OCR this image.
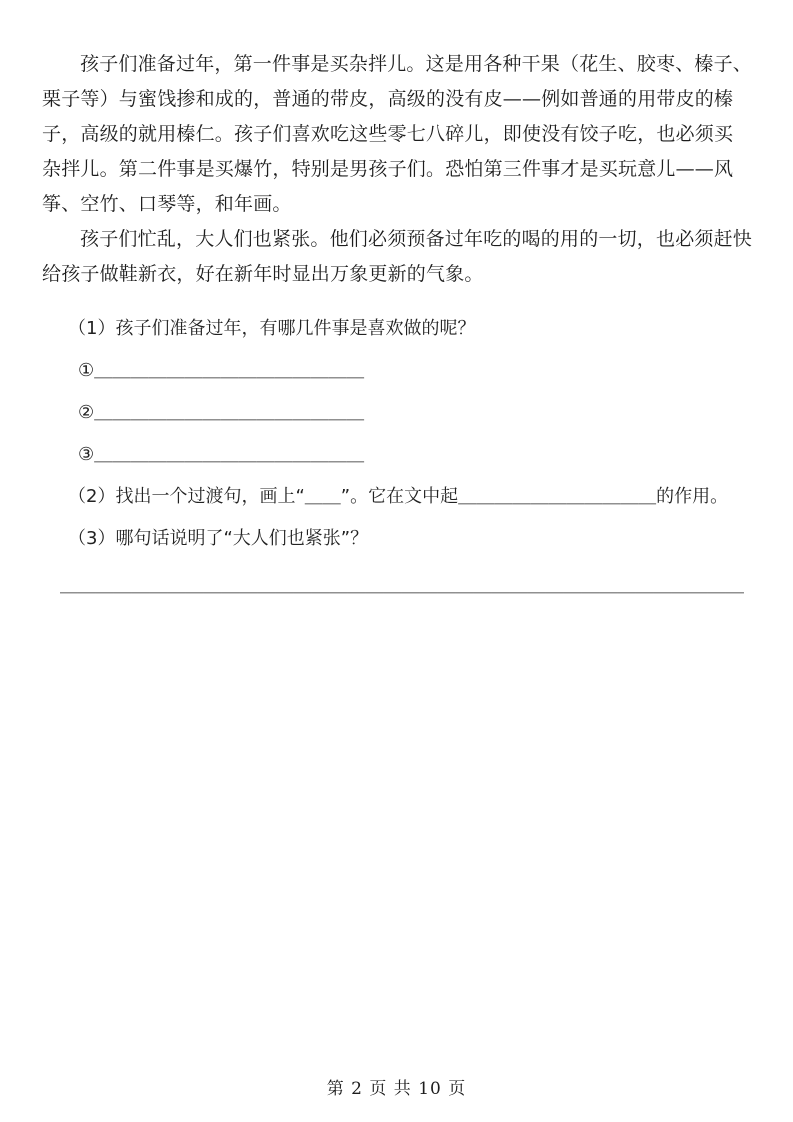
孩子们准备过年，第一件事是买杂拌儿。这是用各种干果（花生、胶枣、榛子、
栗子等）与蜜饯掺和成的，普通的带皮，高级的没有皮——例如普通的用带皮的榛
子，高级的就用榛仁。孩子们喜欢吃这些零七八碎儿，即使没有饺子吃，也必须买
杂拌儿。第二件事是买爆竹，特别是男孩子们。恐怕第三件事才是买玩意儿——风
筝、空竹、口琴等，和年画。
孩子们忙乱，大人们也紧张。他们必须预备过年吃的喝的用的一切，也必须赶快
给孩子做鞋新衣，好在新年时显出万象更新的气象。
（1）孩子们准备过年，有哪几件事是喜欢做的呢？
①＿＿＿＿＿＿＿＿＿＿＿＿＿＿＿
②＿＿＿＿＿＿＿＿＿＿＿＿＿＿＿
③＿＿＿＿＿＿＿＿＿＿＿＿＿＿＿
（2）找出一个过渡句，画上“＿＿”。它在文中起＿＿＿＿＿＿＿＿＿＿＿的作用。
（3）哪句话说明了“大人们也紧张”？
＿＿＿＿＿＿＿＿＿＿＿＿＿＿＿＿＿＿＿＿＿＿＿＿＿＿＿＿＿＿＿＿＿＿＿＿＿＿
第 2 页 共 10 页
